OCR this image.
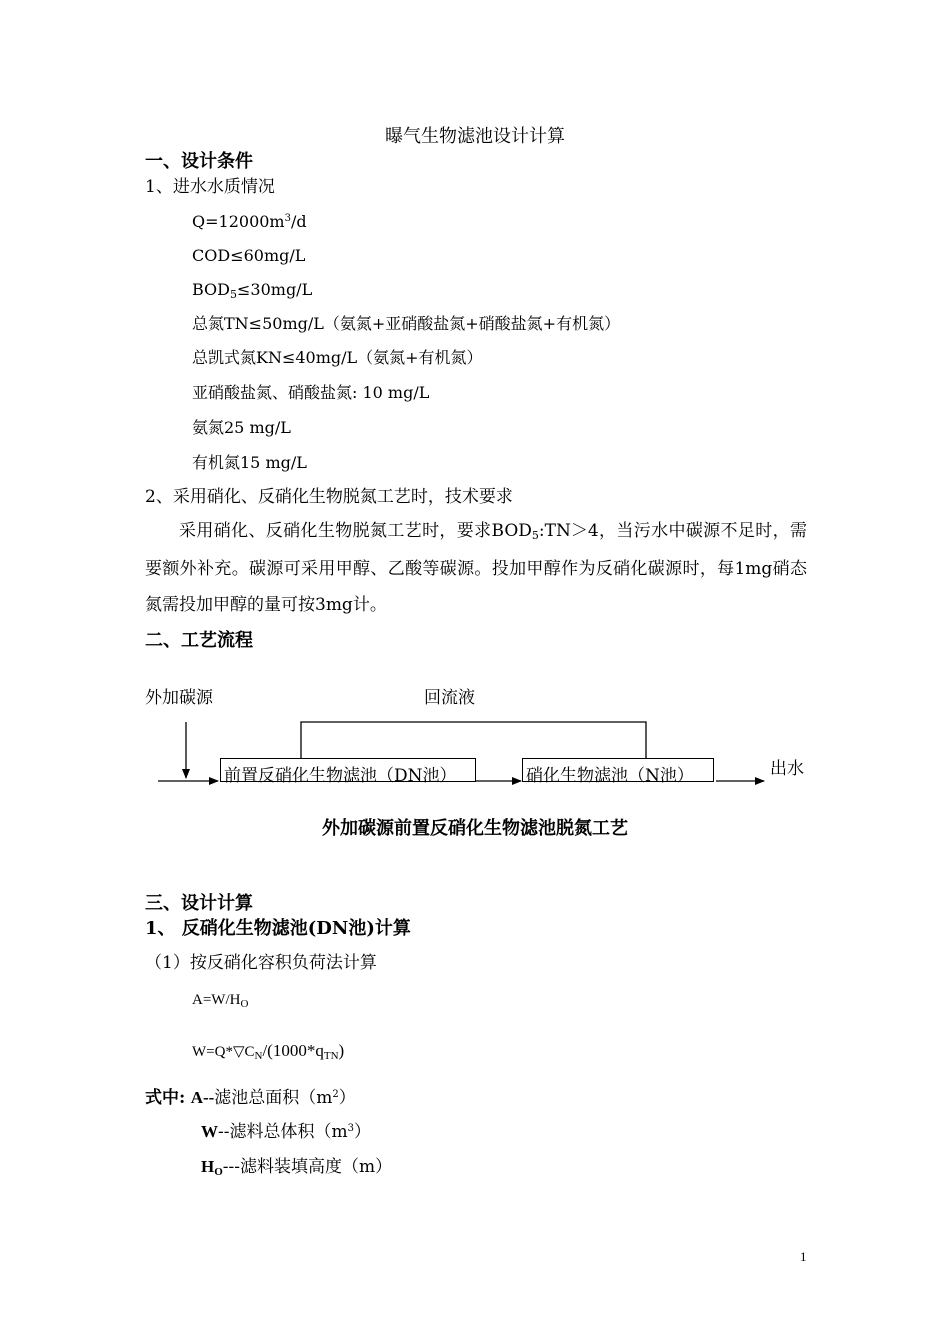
曝气生物滤池设计计算
一、设计条件
1、进水水质情况
$Q=12000m^3/d$
COD≤60mg/L
BOD5≤30mg/L
总氮TN≤50mg/L（氨氮+亚硝酸盐氮+硝酸盐氮+有机氮）
总凯式氮KN≤40mg/L（氨氮+有机氮）
亚硝酸盐氮、硝酸盐氮: 10 mg/L
氨氮25 mg/L
有机氮15 mg/L
2、采用硝化、反硝化生物脱氮工艺时，技术要求
采用硝化、反硝化生物脱氮工艺时，要求BOD5:TN＞4，当污水中碳源不足时，需要额外补充。碳源可采用甲醇、乙酸等碳源。投加甲醇作为反硝化碳源时，每1mg硝态氮需投加甲醇的量可按3mg计。
二、工艺流程
外加碳源	回流液
前置反硝化生物滤池（DN池）	硝化生物滤池（N池）	出水
外加碳源前置反硝化生物滤池脱氮工艺
三、设计计算
1、 反硝化生物滤池(DN池)计算
（1）按反硝化容积负荷法计算
$A=W/H_O$
$W=Q*▽C_N/(1000*q_{TN})$
式中: A--滤池总面积$(m^2)$
W--滤料总体积$(m^3)$
HO---滤料装填高度（m）
1
